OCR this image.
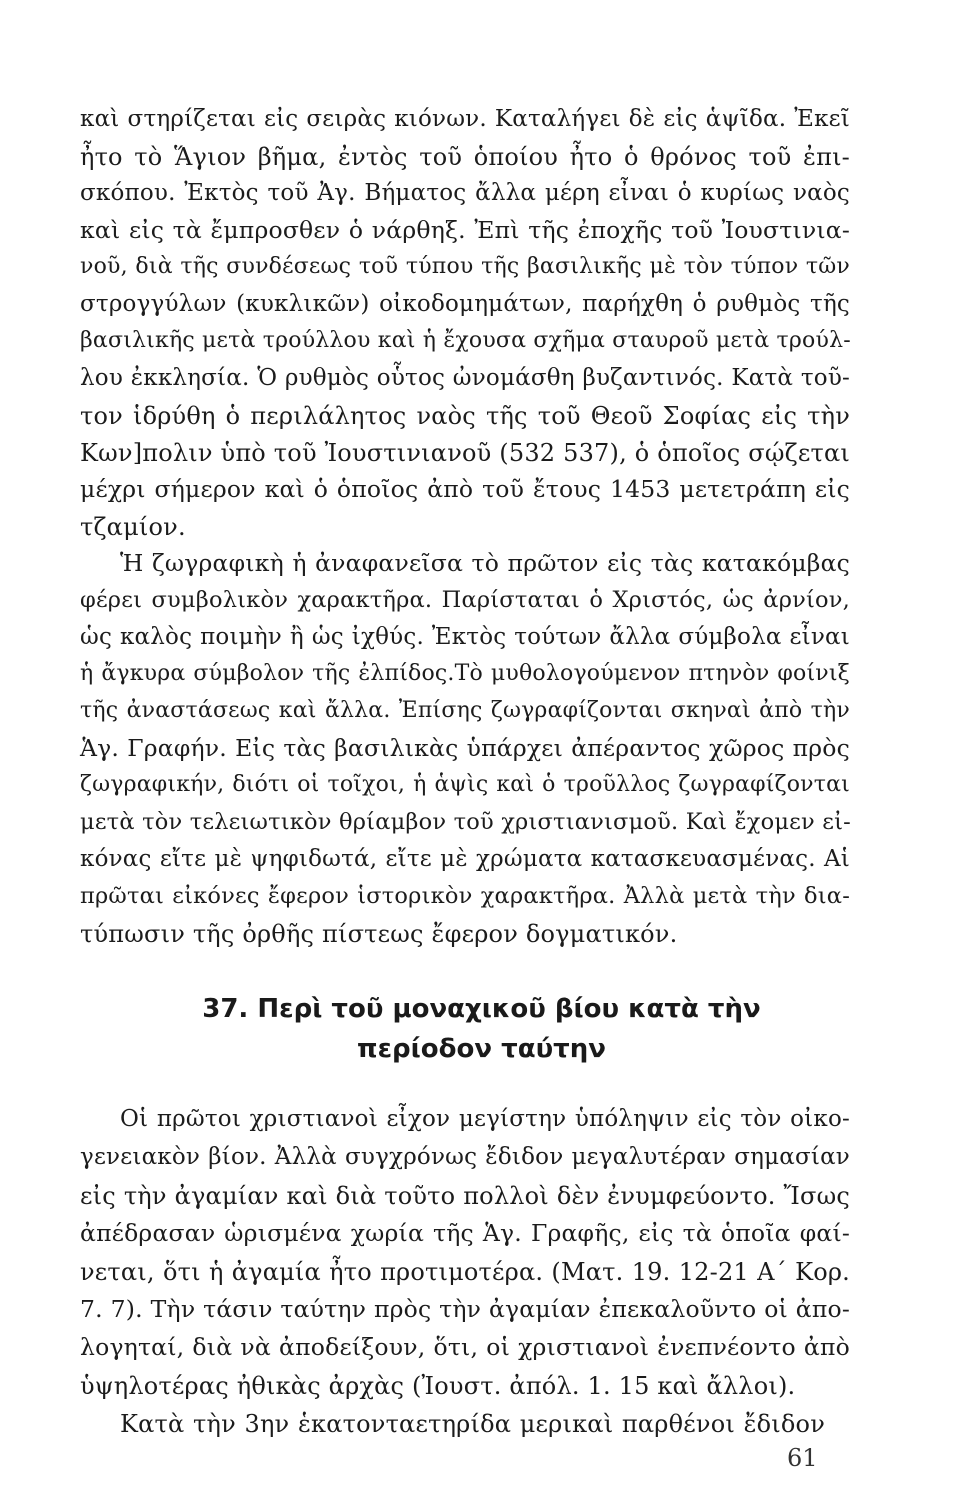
καὶ στηρίζεται εἰς σειρὰς κιόνων. Καταλήγει δὲ εἰς ἁψῖδα. Ἐκεῖ
ἦτο τὸ Ἅγιον βῆμα, ἐντὸς τοῦ ὁποίου ἦτο ὁ θρόνος τοῦ ἐπι-
σκόπου. Ἐκτὸς τοῦ Ἀγ. Βήματος ἄλλα μέρη εἶναι ὁ κυρίως ναὸς
καὶ εἰς τὰ ἔμπροσθεν ὁ νάρθηξ. Ἐπὶ τῆς ἐποχῆς τοῦ Ἰουστινια-
νοῦ, διὰ τῆς συνδέσεως τοῦ τύπου τῆς βασιλικῆς μὲ τὸν τύπον τῶν
στρογγύλων (κυκλικῶν) οἰκοδομημάτων, παρήχθη ὁ ρυθμὸς τῆς
βασιλικῆς μετὰ τρούλλου καὶ ἡ ἔχουσα σχῆμα σταυροῦ μετὰ τρούλ-
λου ἐκκλησία. Ὁ ρυθμὸς οὗτος ὠνομάσθη βυζαντινός. Κατὰ τοῦ-
τον ἱδρύθη ὁ περιλάλητος ναὸς τῆς τοῦ Θεοῦ Σοφίας εἰς τὴν
Κων]πολιν ὑπὸ τοῦ Ἰουστινιανοῦ (532 537), ὁ ὁποῖος σῴζεται
μέχρι σήμερον καὶ ὁ ὁποῖος ἀπὸ τοῦ ἔτους 1453 μετετράπη εἰς
τζαμίον.
Ἡ ζωγραφικὴ ἡ ἀναφανεῖσα τὸ πρῶτον εἰς τὰς κατακόμβας
φέρει συμβολικὸν χαρακτῆρα. Παρίσταται ὁ Χριστός, ὡς ἀρνίον,
ὡς καλὸς ποιμὴν ἢ ὡς ἰχθύς. Ἐκτὸς τούτων ἄλλα σύμβολα εἶναι
ἡ ἄγκυρα σύμβολον τῆς ἐλπίδος.Τὸ μυθολογούμενον πτηνὸν φοίνιξ
τῆς ἀναστάσεως καὶ ἄλλα. Ἐπίσης ζωγραφίζονται σκηναὶ ἀπὸ τὴν
Ἁγ. Γραφήν. Εἰς τὰς βασιλικὰς ὑπάρχει ἀπέραντος χῶρος πρὸς
ζωγραφικήν, διότι οἱ τοῖχοι, ἡ ἁψὶς καὶ ὁ τροῦλλος ζωγραφίζονται
μετὰ τὸν τελειωτικὸν θρίαμβον τοῦ χριστιανισμοῦ. Καὶ ἔχομεν εἰ-
κόνας εἴτε μὲ ψηφιδωτά, εἴτε μὲ χρώματα κατασκευασμένας. Αἱ
πρῶται εἰκόνες ἔφερον ἱστορικὸν χαρακτῆρα. Ἀλλὰ μετὰ τὴν δια-
τύπωσιν τῆς ὀρθῆς πίστεως ἔφερον δογματικόν.
37. Περὶ τοῦ μοναχικοῦ βίου κατὰ τὴν
περίοδον ταύτην
Οἱ πρῶτοι χριστιανοὶ εἶχον μεγίστην ὑπόληψιν εἰς τὸν οἰκο-
γενειακὸν βίον. Ἀλλὰ συγχρόνως ἔδιδον μεγαλυτέραν σημασίαν
εἰς τὴν ἀγαμίαν καὶ διὰ τοῦτο πολλοὶ δὲν ἐνυμφεύοντο. Ἴσως
ἀπέδρασαν ὡρισμένα χωρία τῆς Ἁγ. Γραφῆς, εἰς τὰ ὁποῖα φαί-
νεται, ὅτι ἡ ἀγαμία ἦτο προτιμοτέρα. (Ματ. 19. 12-21 Α΄ Κορ.
7. 7). Τὴν τάσιν ταύτην πρὸς τὴν ἀγαμίαν ἐπεκαλοῦντο οἱ ἀπο-
λογηταί, διὰ νὰ ἀποδείξουν, ὅτι, οἱ χριστιανοὶ ἐνεπνέοντο ἀπὸ
ὑψηλοτέρας ἠθικὰς ἀρχὰς (Ἰουστ. ἀπόλ. 1. 15 καὶ ἄλλοι).
Κατὰ τὴν 3ην ἑκατονταετηρίδα μερικαὶ παρθένοι ἔδιδον
61
